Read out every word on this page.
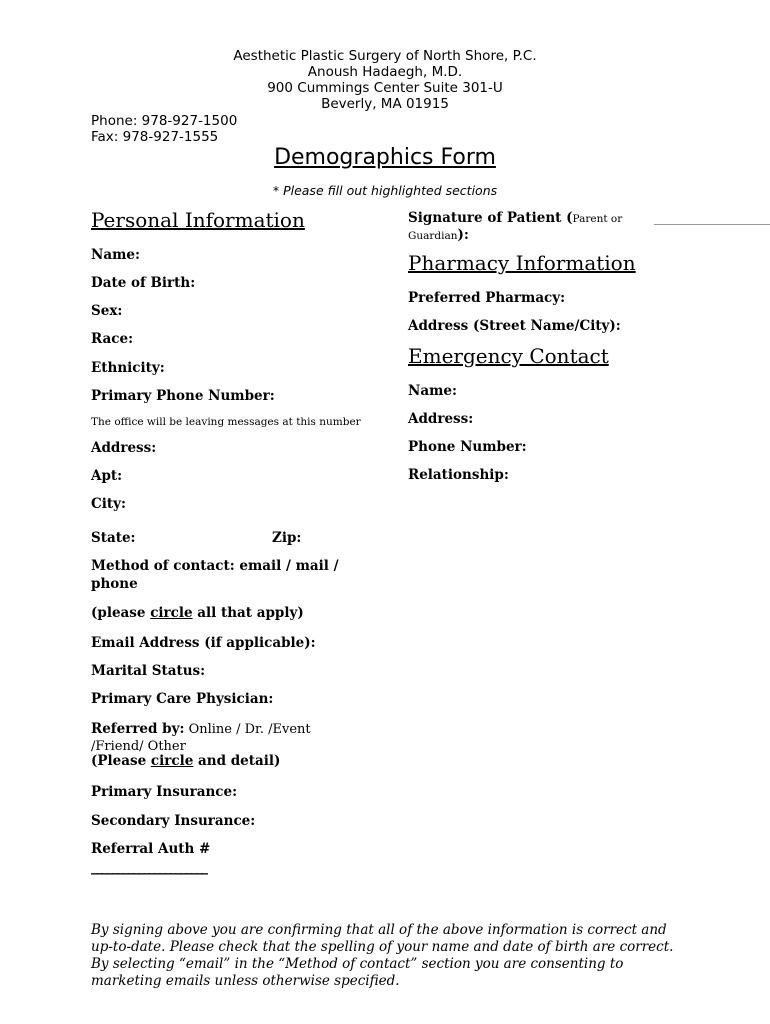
Aesthetic Plastic Surgery of North Shore, P.C.
Anoush Hadaegh, M.D.
900 Cummings Center Suite 301-U
Beverly, MA 01915
Phone: 978-927-1500
Fax: 978-927-1555
Demographics Form
* Please fill out highlighted sections
Personal Information
Name:
Date of Birth:
Sex:
Race:
Ethnicity:
Primary Phone Number:
The office will be leaving messages at this number
Address:
Apt:
City:
State:	Zip:
Method of contact: email / mail /
phone
(please circle all that apply)
Email Address (if applicable):
Marital Status:
Primary Care Physician:
Referred by: Online / Dr. /Event
/Friend/ Other
(Please circle and detail)
Primary Insurance:
Secondary Insurance:
Referral Auth #
______________________
Signature of Patient (Parent or
Guardian):
Pharmacy Information
Preferred Pharmacy:
Address (Street Name/City):
Emergency Contact
Name:
Address:
Phone Number:
Relationship:
By signing above you are confirming that all of the above information is correct and up-to-date. Please check that the spelling of your name and date of birth are correct.
By selecting “email” in the “Method of contact” section you are consenting to marketing emails unless otherwise specified.
